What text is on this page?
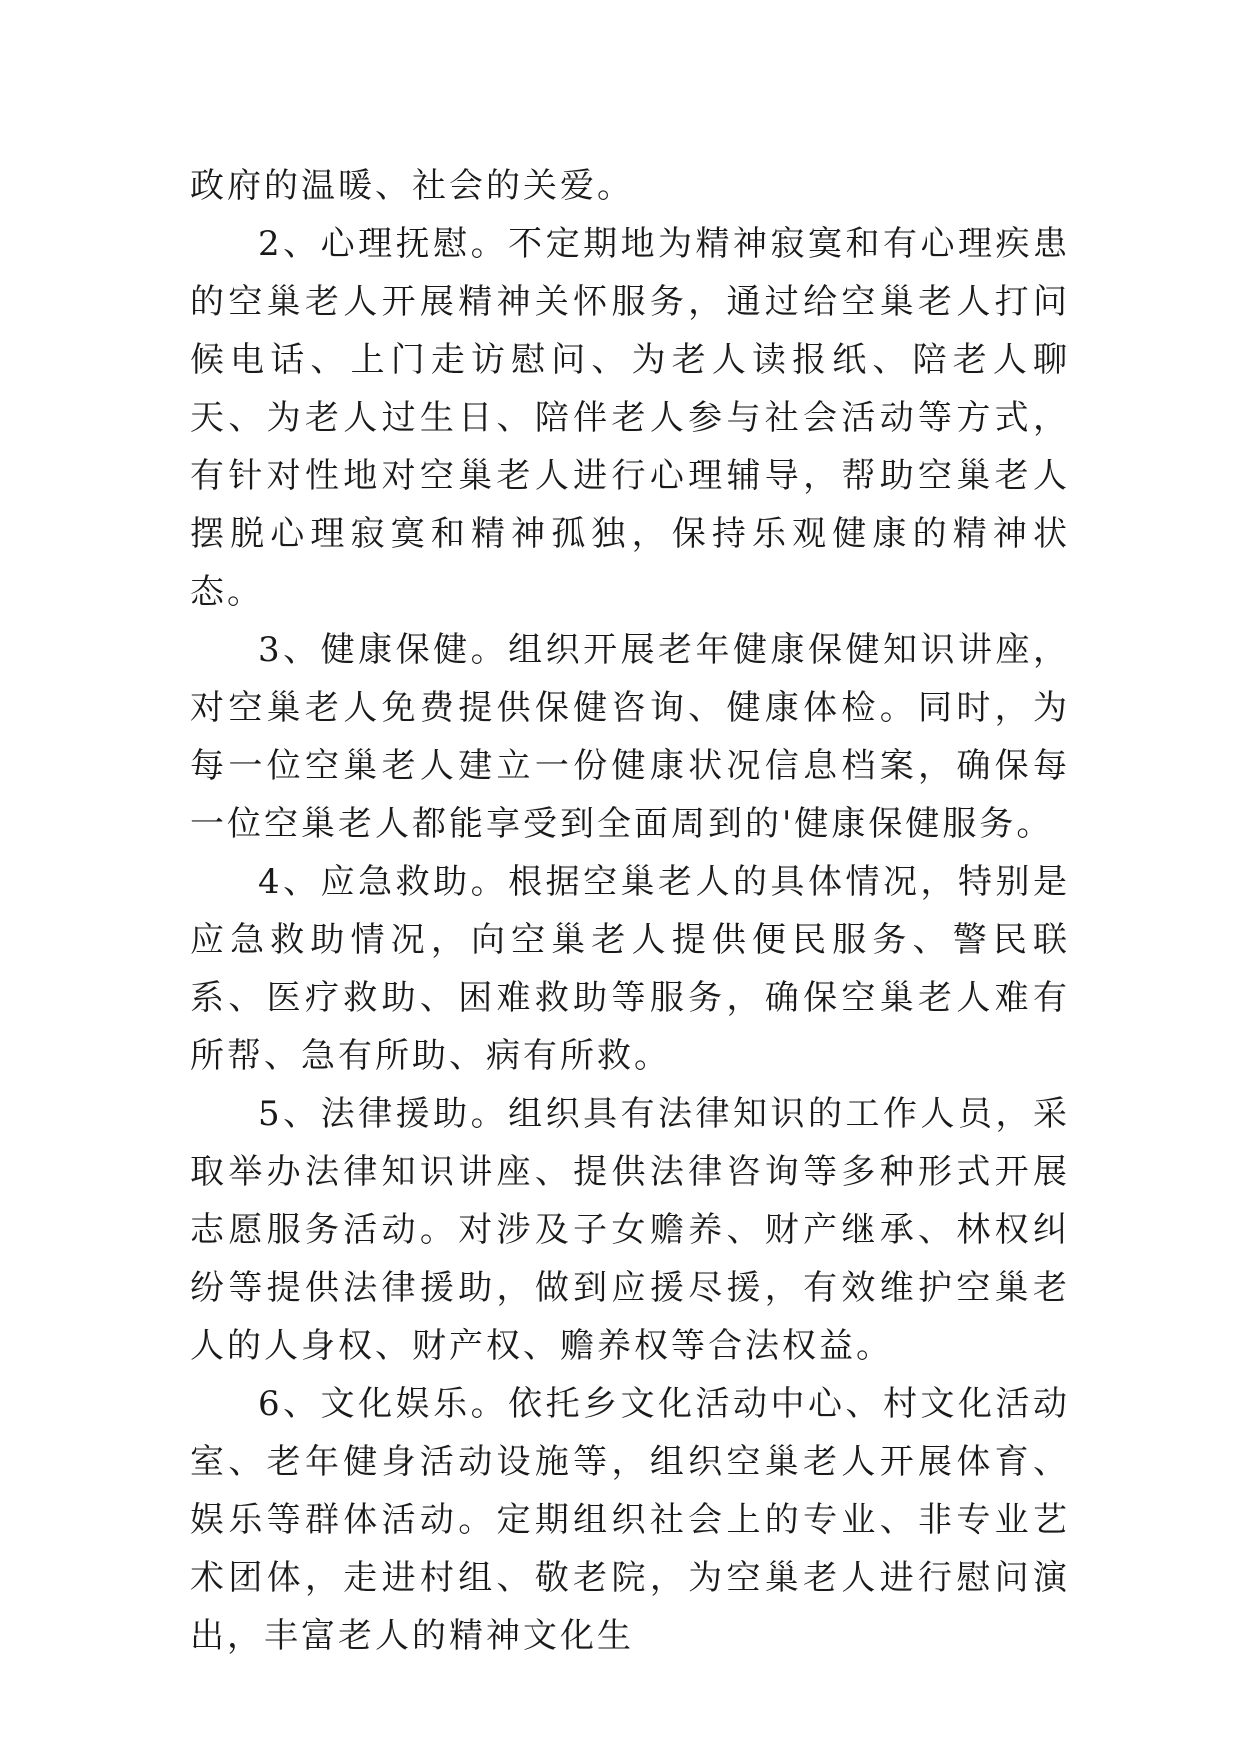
政府的温暖、社会的关爱。

2、心理抚慰。不定期地为精神寂寞和有心理疾患的空巢老人开展精神关怀服务，通过给空巢老人打问候电话、上门走访慰问、为老人读报纸、陪老人聊天、为老人过生日、陪伴老人参与社会活动等方式，有针对性地对空巢老人进行心理辅导，帮助空巢老人摆脱心理寂寞和精神孤独，保持乐观健康的精神状态。

3、健康保健。组织开展老年健康保健知识讲座，对空巢老人免费提供保健咨询、健康体检。同时，为每一位空巢老人建立一份健康状况信息档案，确保每一位空巢老人都能享受到全面周到的'健康保健服务。

4、应急救助。根据空巢老人的具体情况，特别是应急救助情况，向空巢老人提供便民服务、警民联系、医疗救助、困难救助等服务，确保空巢老人难有所帮、急有所助、病有所救。

5、法律援助。组织具有法律知识的工作人员，采取举办法律知识讲座、提供法律咨询等多种形式开展志愿服务活动。对涉及子女赡养、财产继承、林权纠纷等提供法律援助，做到应援尽援，有效维护空巢老人的人身权、财产权、赡养权等合法权益。

6、文化娱乐。依托乡文化活动中心、村文化活动室、老年健身活动设施等，组织空巢老人开展体育、娱乐等群体活动。定期组织社会上的专业、非专业艺术团体，走进村组、敬老院，为空巢老人进行慰问演出，丰富老人的精神文化生
